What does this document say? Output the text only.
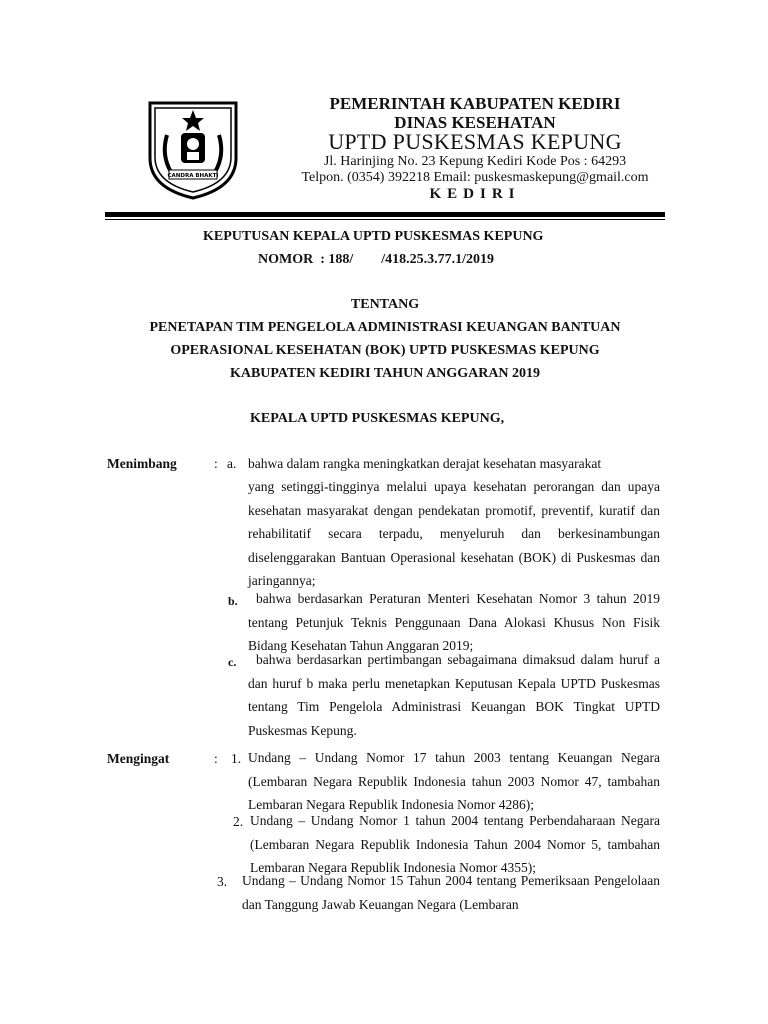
CANDRA BHAKTI
PEMERINTAH KABUPATEN KEDIRI
DINAS KESEHATAN
UPTD PUSKESMAS KEPUNG
Jl. Harinjing No. 23 Kepung Kediri Kode Pos : 64293
Telpon. (0354) 392218 Email: puskesmaskepung@gmail.com
KEDIRI
KEPUTUSAN KEPALA UPTD PUSKESMAS KEPUNG
NOMOR  : 188/        /418.25.3.77.1/2019
TENTANG
PENETAPAN TIM PENGELOLA ADMINISTRASI KEUANGAN BANTUAN
OPERASIONAL KESEHATAN (BOK) UPTD PUSKESMAS KEPUNG
KABUPATEN KEDIRI TAHUN ANGGARAN 2019
KEPALA UPTD PUSKESMAS KEPUNG,
Menimbang	: a. bahwa dalam rangka meningkatkan derajat kesehatan masyarakat
yang setinggi-tingginya melalui upaya kesehatan perorangan dan upaya kesehatan masyarakat dengan pendekatan promotif, preventif, kuratif dan rehabilitatif secara terpadu, menyeluruh dan berkesinambungan diselenggarakan Bantuan Operasional kesehatan (BOK) di Puskesmas dan jaringannya;
b.	bahwa berdasarkan Peraturan Menteri Kesehatan Nomor 3 tahun 2019 tentang Petunjuk Teknis Penggunaan Dana Alokasi Khusus Non Fisik Bidang Kesehatan Tahun Anggaran 2019;
c.	bahwa berdasarkan pertimbangan sebagaimana dimaksud dalam huruf a dan huruf b maka perlu menetapkan Keputusan Kepala UPTD Puskesmas tentang Tim Pengelola Administrasi Keuangan BOK Tingkat UPTD Puskesmas Kepung.
Mengingat	: 1. Undang – Undang Nomor 17 tahun 2003 tentang Keuangan Negara (Lembaran Negara Republik Indonesia tahun 2003 Nomor 47, tambahan Lembaran Negara Republik Indonesia Nomor 4286);
2. Undang – Undang Nomor 1 tahun 2004 tentang Perbendaharaan Negara (Lembaran Negara Republik Indonesia Tahun 2004 Nomor 5, tambahan Lembaran Negara Republik Indonesia Nomor 4355);
3. Undang – Undang Nomor 15 Tahun 2004 tentang Pemeriksaan Pengelolaan dan Tanggung Jawab Keuangan Negara (Lembaran
